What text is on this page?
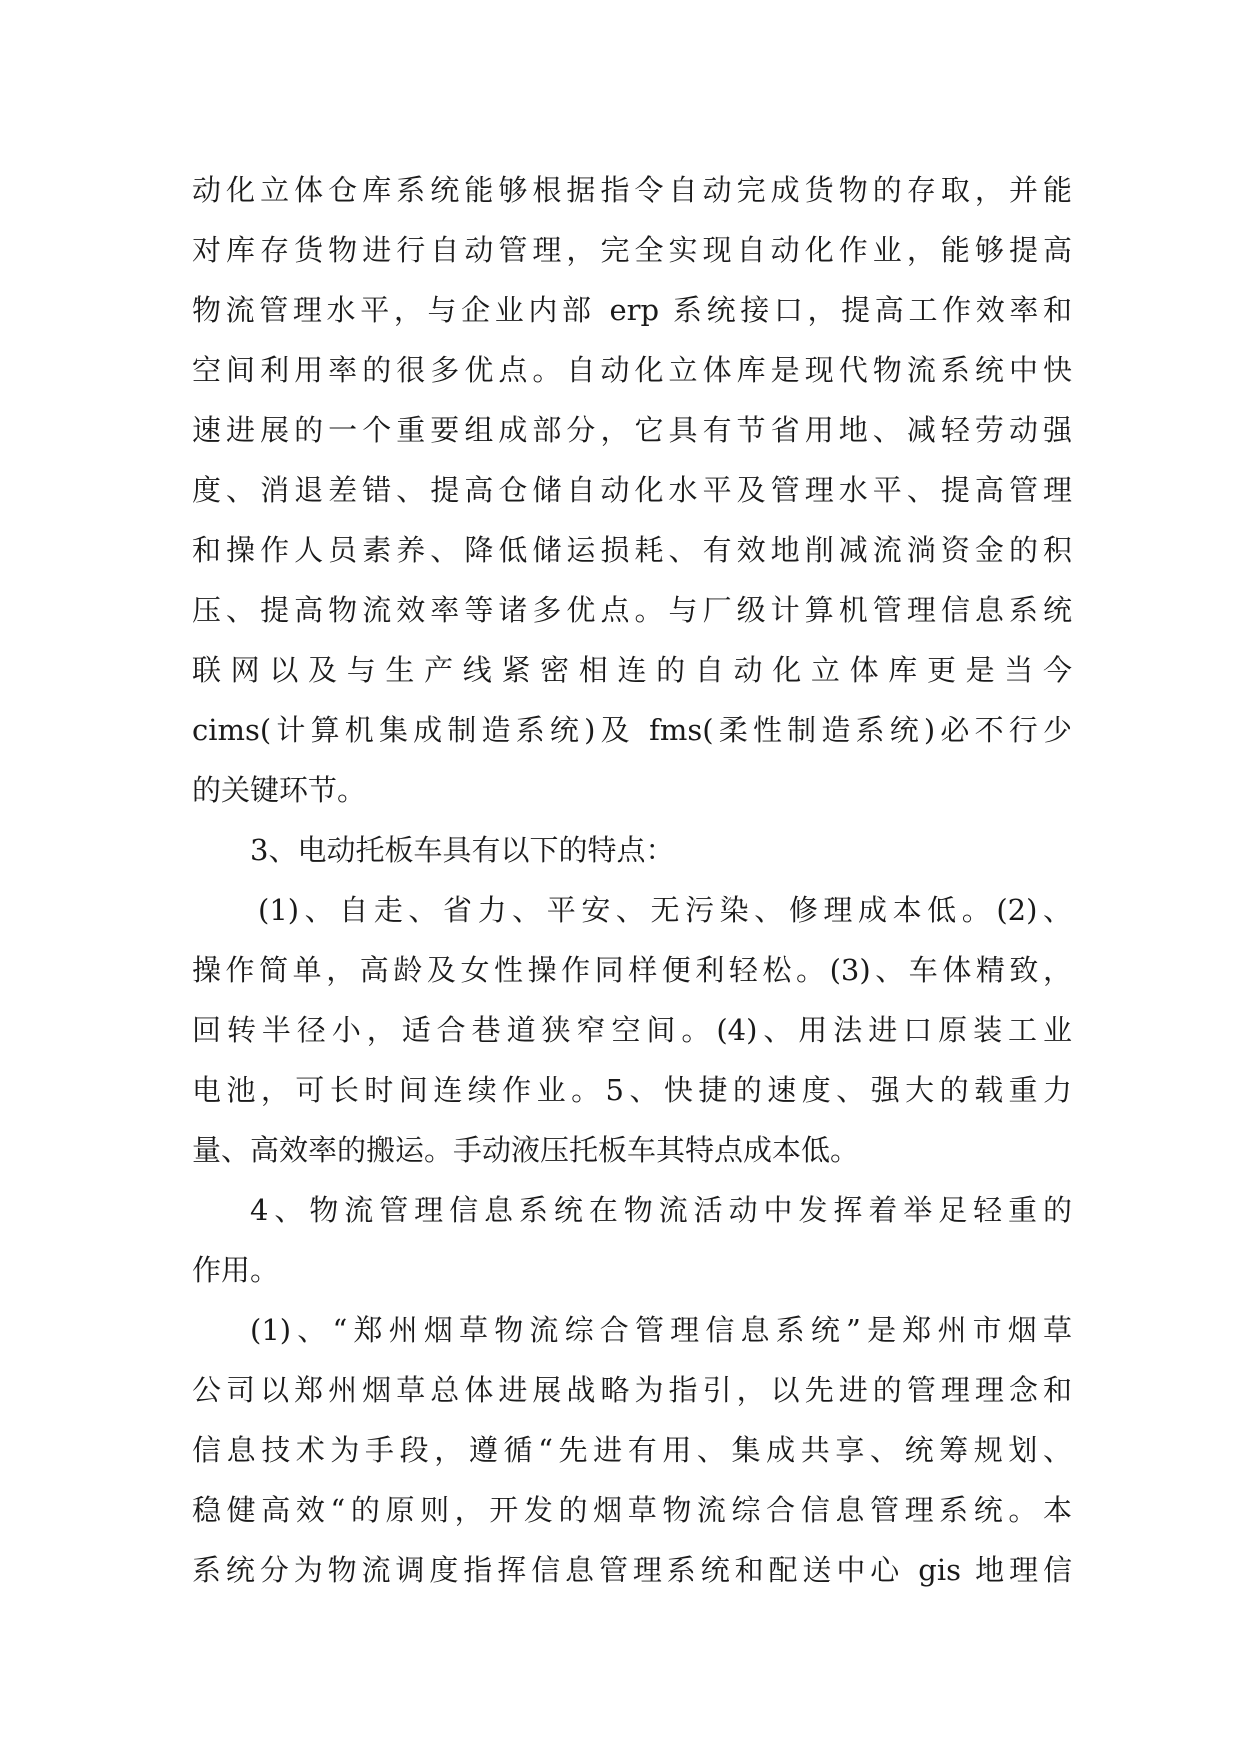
动化立体仓库系统能够根据指令自动完成货物的存取，并能
对库存货物进行自动管理，完全实现自动化作业，能够提高
物流管理水平，与企业内部 erp 系统接口，提高工作效率和
空间利用率的很多优点。自动化立体库是现代物流系统中快
速进展的一个重要组成部分，它具有节省用地、减轻劳动强
度、消退差错、提高仓储自动化水平及管理水平、提高管理
和操作人员素养、降低储运损耗、有效地削减流淌资金的积
压、提高物流效率等诸多优点。与厂级计算机管理信息系统
联网以及与生产线紧密相连的自动化立体库更是当今
cims(计算机集成制造系统)及 fms(柔性制造系统)必不行少
的关键环节。
3、电动托板车具有以下的特点：
(1)、自走、省力、平安、无污染、修理成本低。(2)、
操作简单，高龄及女性操作同样便利轻松。(3)、车体精致，
回转半径小，适合巷道狭窄空间。(4)、用法进口原装工业
电池，可长时间连续作业。5、快捷的速度、强大的载重力
量、高效率的搬运。手动液压托板车其特点成本低。
4、物流管理信息系统在物流活动中发挥着举足轻重的
作用。
(1)、“郑州烟草物流综合管理信息系统”是郑州市烟草
公司以郑州烟草总体进展战略为指引，以先进的管理理念和
信息技术为手段，遵循“先进有用、集成共享、统筹规划、
稳健高效“的原则，开发的烟草物流综合信息管理系统。本
系统分为物流调度指挥信息管理系统和配送中心 gis 地理信
